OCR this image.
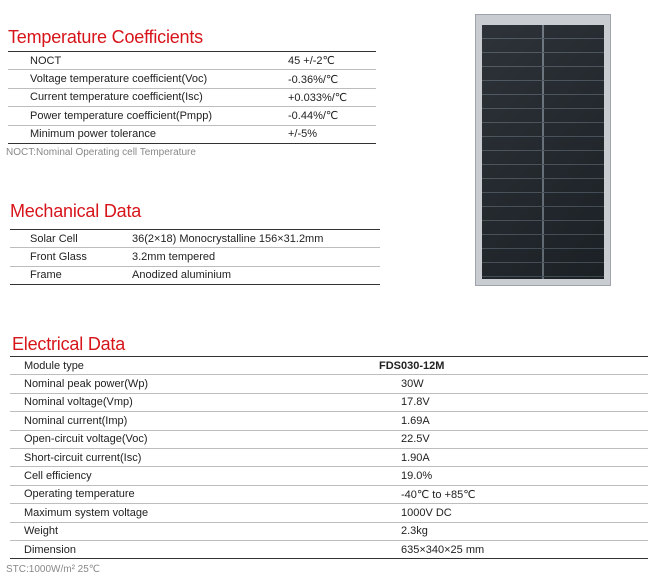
Temperature Coefficients
NOCT	45 +/-2℃
Voltage temperature coefficient(Voc)	-0.36%/℃
Current temperature coefficient(Isc)	+0.033%/℃
Power temperature coefficient(Pmpp)	-0.44%/℃
Minimum power tolerance	+/-5%
NOCT:Nominal Operating cell Temperature
Mechanical Data
Solar Cell	36(2×18) Monocrystalline 156×31.2mm
Front Glass	3.2mm tempered
Frame	Anodized aluminium
Electrical Data
Module type	FDS030-12M
Nominal peak power(Wp)	30W
Nominal voltage(Vmp)	17.8V
Nominal current(Imp)	1.69A
Open-circuit voltage(Voc)	22.5V
Short-circuit current(Isc)	1.90A
Cell efficiency	19.0%
Operating temperature	-40℃ to +85℃
Maximum system voltage	1000V DC
Weight	2.3kg
Dimension	635×340×25 mm
STC:1000W/m² 25℃
